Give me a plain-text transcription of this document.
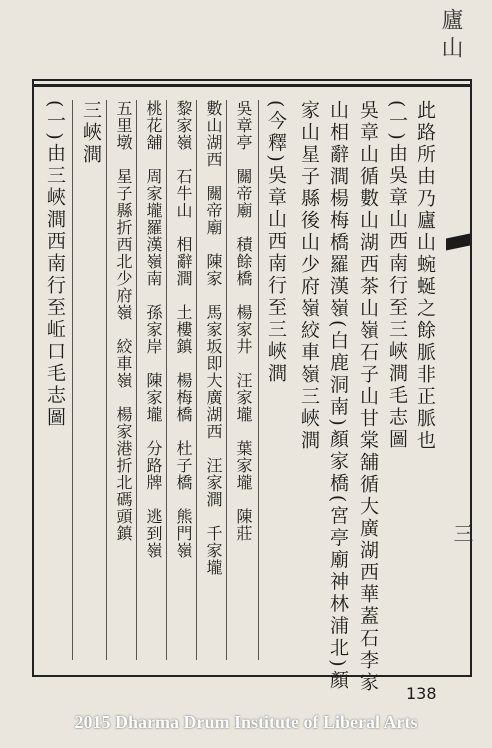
廬山
三
此路所由乃廬山蜿蜒之餘脈非正脈也
(一)由吳章山西南行至三峽澗毛志圖
吳章山循數山湖西茶山嶺石子山甘棠舖循大廣湖西華蓋石李家
山相辭澗楊梅橋羅漢嶺(白鹿洞南)顏家橋(宮亭廟神林浦北)顏
家山星子縣後山少府嶺絞車嶺三峽澗
(今釋)吳章山西南行至三峽澗
吳章亭　關帝廟　積餘橋　楊家井　汪家壠　葉家壠　陳莊
數山湖西　關帝廟　陳家　馬家坂即大廣湖西　汪家澗　千家壠
黎家嶺　石牛山　相辭澗　土樓鎮　楊梅橋　杜子橋　熊門嶺
桃花舖　周家壠羅漢嶺南　孫家岸　陳家壠　分路牌　逃到嶺
五里墩　星子縣折西北少府嶺　絞車嶺　楊家港折北碼頭鎮
三峽澗
(一)由三峽澗西南行至岴口毛志圖
138
2015 Dharma Drum Institute of Liberal Arts
